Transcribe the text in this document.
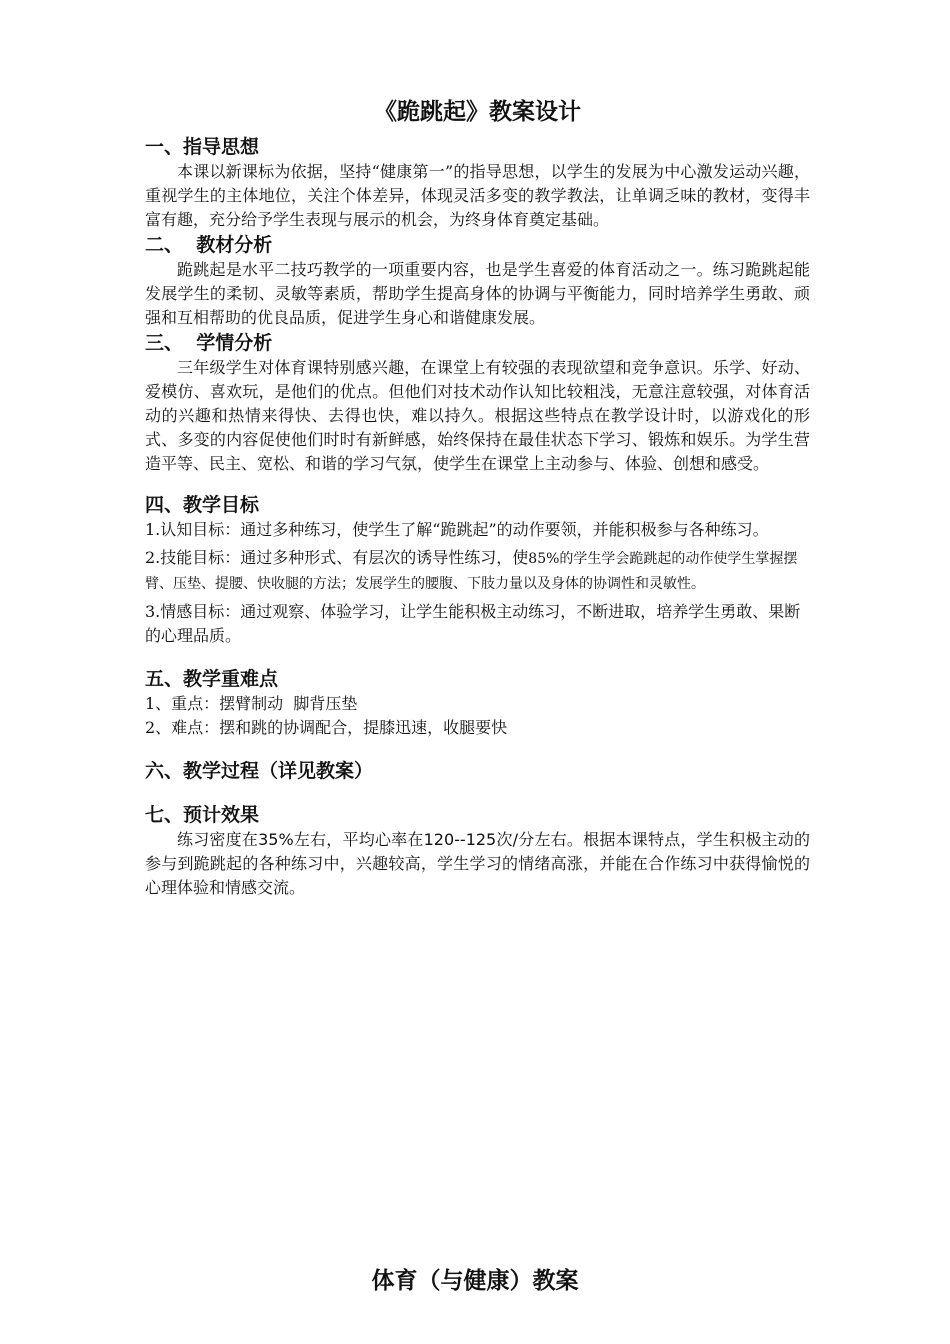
《跪跳起》教案设计
一、指导思想

本课以新课标为依据，坚持“健康第一”的指导思想，以学生的发展为中心激发运动兴趣，重视学生的主体地位，关注个体差异，体现灵活多变的教学教法，让单调乏味的教材，变得丰富有趣，充分给予学生表现与展示的机会，为终身体育奠定基础。

二、  教材分析

跪跳起是水平二技巧教学的一项重要内容，也是学生喜爱的体育活动之一。练习跪跳起能发展学生的柔韧、灵敏等素质，帮助学生提高身体的协调与平衡能力，同时培养学生勇敢、顽强和互相帮助的优良品质，促进学生身心和谐健康发展。

三、  学情分析

三年级学生对体育课特别感兴趣，在课堂上有较强的表现欲望和竞争意识。乐学、好动、爱模仿、喜欢玩，是他们的优点。但他们对技术动作认知比较粗浅，无意注意较强，对体育活动的兴趣和热情来得快、去得也快，难以持久。根据这些特点在教学设计时，以游戏化的形式、多变的内容促使他们时时有新鲜感，始终保持在最佳状态下学习、锻炼和娱乐。为学生营造平等、民主、宽松、和谐的学习气氛，使学生在课堂上主动参与、体验、创想和感受。

四、教学目标

1.认知目标：通过多种练习，使学生了解“跪跳起”的动作要领，并能积极参与各种练习。

2.技能目标：通过多种形式、有层次的诱导性练习，使85%的学生学会跪跳起的动作使学生掌握摆臂、压垫、提腰、快收腿的方法；发展学生的腰腹、下肢力量以及身体的协调性和灵敏性。

3.情感目标：通过观察、体验学习，让学生能积极主动练习，不断进取，培养学生勇敢、果断的心理品质。

五、教学重难点

1、重点：摆臂制动  脚背压垫

2、难点：摆和跳的协调配合，提膝迅速，收腿要快

六、教学过程（详见教案）
七、预计效果

练习密度在35%左右，平均心率在120--125次/分左右。根据本课特点，学生积极主动的参与到跪跳起的各种练习中，兴趣较高，学生学习的情绪高涨，并能在合作练习中获得愉悦的心理体验和情感交流。

体育（与健康）教案
